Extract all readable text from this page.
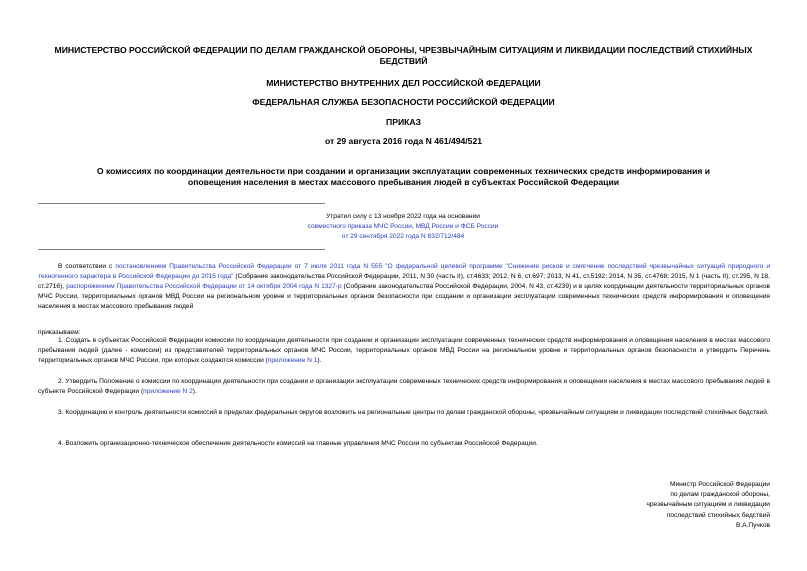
МИНИСТЕРСТВО РОССИЙСКОЙ ФЕДЕРАЦИИ ПО ДЕЛАМ ГРАЖДАНСКОЙ ОБОРОНЫ, ЧРЕЗВЫЧАЙНЫМ СИТУАЦИЯМ И ЛИКВИДАЦИИ ПОСЛЕДСТВИЙ СТИХИЙНЫХ БЕДСТВИЙ
МИНИСТЕРСТВО ВНУТРЕННИХ ДЕЛ РОССИЙСКОЙ ФЕДЕРАЦИИ
ФЕДЕРАЛЬНАЯ СЛУЖБА БЕЗОПАСНОСТИ РОССИЙСКОЙ ФЕДЕРАЦИИ
ПРИКАЗ
от 29 августа 2016 года N 461/494/521
О комиссиях по координации деятельности при создании и организации эксплуатации современных технических средств информирования и оповещения населения в местах массового пребывания людей в субъектах Российской Федерации
Утратил силу с 13 ноября 2022 года на основании
совместного приказа МЧС России, МВД России и ФСБ России
от 29 сентября 2022 года N 832/712/484
В соответствии с постановлением Правительства Российской Федерации от 7 июля 2011 года N 555 "О федеральной целевой программе "Снижение рисков и смягчение последствий чрезвычайных ситуаций природного и техногенного характера в Российской Федерации до 2015 года" (Собрание законодательства Российской Федерации, 2011, N 30 (часть II), ст.4633; 2012, N 6, ст.697; 2013, N 41, ст.5192; 2014, N 35, ст.4768; 2015, N 1 (часть II), ст.295, N 18, ст.2716), распоряжением Правительства Российской Федерации от 14 октября 2004 года N 1327-р (Собрание законодательства Российской Федерации, 2004, N 43, ст.4239) и в целях координации деятельности территориальных органов МЧС России, территориальных органов МВД России на региональном уровне и территориальных органов безопасности при создании и организации эксплуатации современных технических средств информирования и оповещения населения в местах массового пребывания людей
приказываем:
1. Создать в субъектах Российской Федерации комиссии по координации деятельности при создании и организации эксплуатации современных технических средств информирования и оповещения населения в местах массового пребывания людей (далее - комиссии) из представителей территориальных органов МЧС России, территориальных органов МВД России на региональном уровне и территориальных органов безопасности и утвердить Перечень территориальных органов МЧС России, при которых создаются комиссии (приложение N 1).
2. Утвердить Положение о комиссии по координации деятельности при создании и организации эксплуатации современных технических средств информирования и оповещения населения в местах массового пребывания людей в субъекте Российской Федерации (приложение N 2).
3. Координацию и контроль деятельности комиссий в пределах федеральных округов возложить на региональные центры по делам гражданской обороны, чрезвычайным ситуациям и ликвидации последствий стихийных бедствий.
4. Возложить организационно-техническое обеспечение деятельности комиссий на главные управления МЧС России по субъектам Российской Федерации.
Министр Российской Федерации
по делам гражданской обороны,
чрезвычайным ситуациям и ликвидации
последствий стихийных бедствий
В.А.Пучков
